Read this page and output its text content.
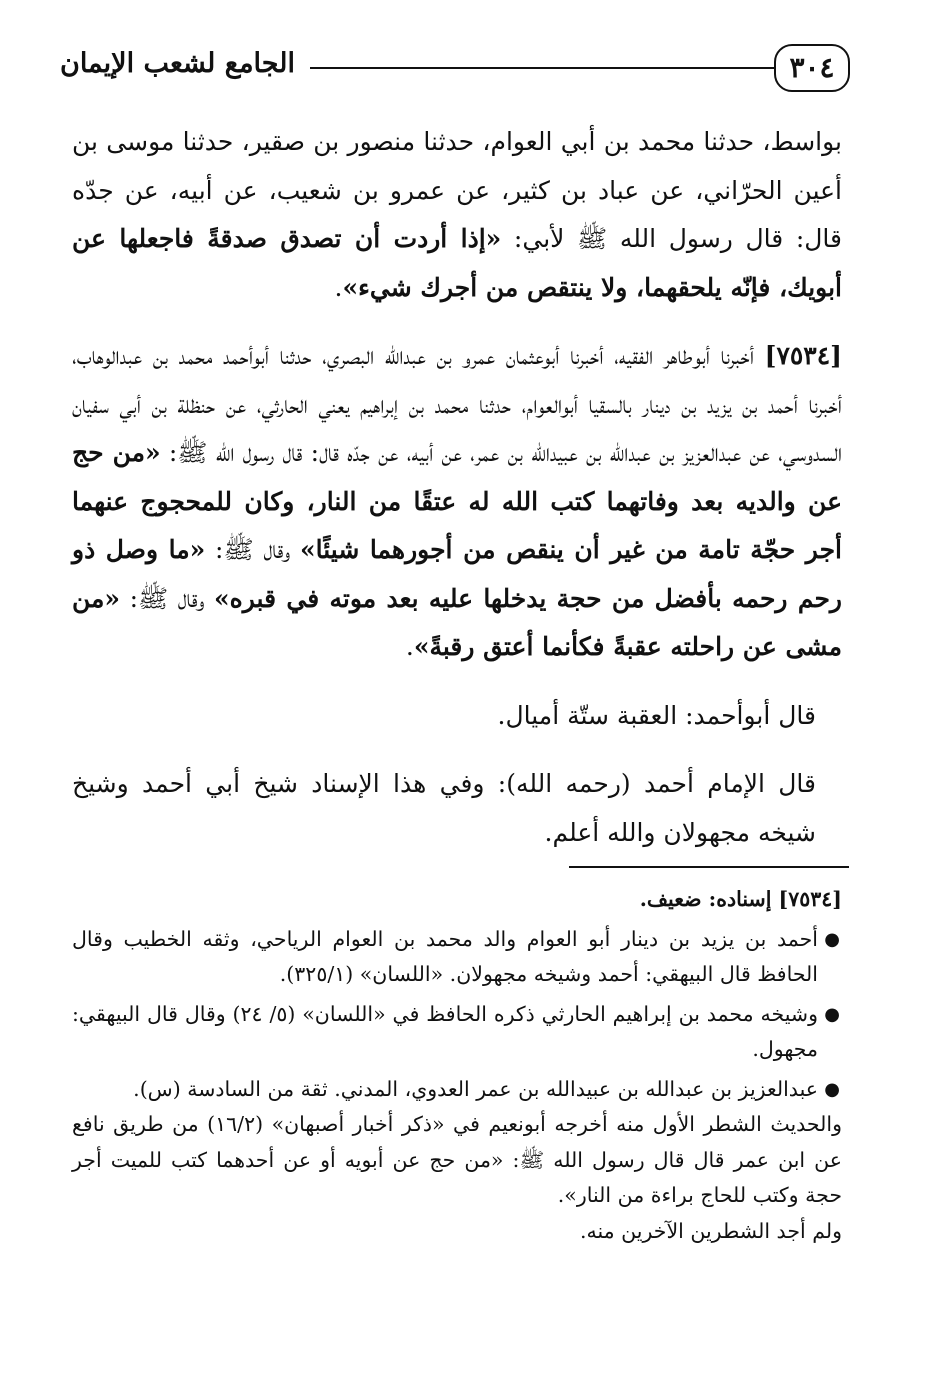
٣٠٤
الجامع لشعب الإيمان

بواسط، حدثنا محمد بن أبي العوام، حدثنا منصور بن صقير، حدثنا موسى بن أعين الحرّاني، عن عباد بن كثير، عن عمرو بن شعيب، عن أبيه، عن جدّه قال: قال رسول الله ﷺ لأبي: «إذا أردت أن تصدق صدقةً فاجعلها عن أبويك، فإنّه يلحقهما، ولا ينتقص من أجرك شيء».

[٧٥٣٤] أخبرنا أبوطاهر الفقيه، أخبرنا أبوعثمان عمرو بن عبدالله البصري، حدثنا أبوأحمد محمد بن عبدالوهاب، أخبرنا أحمد بن يزيد بن دينار بالسقيا أبوالعوام، حدثنا محمد بن إبراهيم يعني الحارثي، عن حنظلة بن أبي سفيان السدوسي، عن عبدالعزيز بن عبدالله بن عبيدالله بن عمر، عن أبيه، عن جدّه قال: قال رسول الله ﷺ: «من حج عن والديه بعد وفاتهما كتب الله له عتقًا من النار، وكان للمحجوج عنهما أجر حجّة تامة من غير أن ينقص من أجورهما شيئًا» وقال ﷺ: «ما وصل ذو رحم رحمه بأفضل من حجة يدخلها عليه بعد موته في قبره» وقال ﷺ: «من مشى عن راحلته عقبةً فكأنما أعتق رقبةً».

قال أبوأحمد: العقبة ستّة أميال.

قال الإمام أحمد (رحمه الله): وفي هذا الإسناد شيخ أبي أحمد وشيخ شيخه مجهولان والله أعلم.

[٧٥٣٤] إسناده: ضعيف.

●
أحمد بن يزيد بن دينار أبو العوام والد محمد بن العوام الرياحي، وثقه الخطيب وقال الحافظ قال البيهقي: أحمد وشيخه مجهولان. «اللسان» (٣٢٥/١).

●
وشيخه محمد بن إبراهيم الحارثي ذكره الحافظ في «اللسان» (٥/ ٢٤) وقال قال البيهقي: مجهول.

●
عبدالعزيز بن عبدالله بن عبيدالله بن عمر العدوي، المدني. ثقة من السادسة (س).

والحديث الشطر الأول منه أخرجه أبونعيم في «ذكر أخبار أصبهان» (١٦/٢) من طريق نافع عن ابن عمر قال قال رسول الله ﷺ: «من حج عن أبويه أو عن أحدهما كتب للميت أجر حجة وكتب للحاج براءة من النار».

ولم أجد الشطرين الآخرين منه.
